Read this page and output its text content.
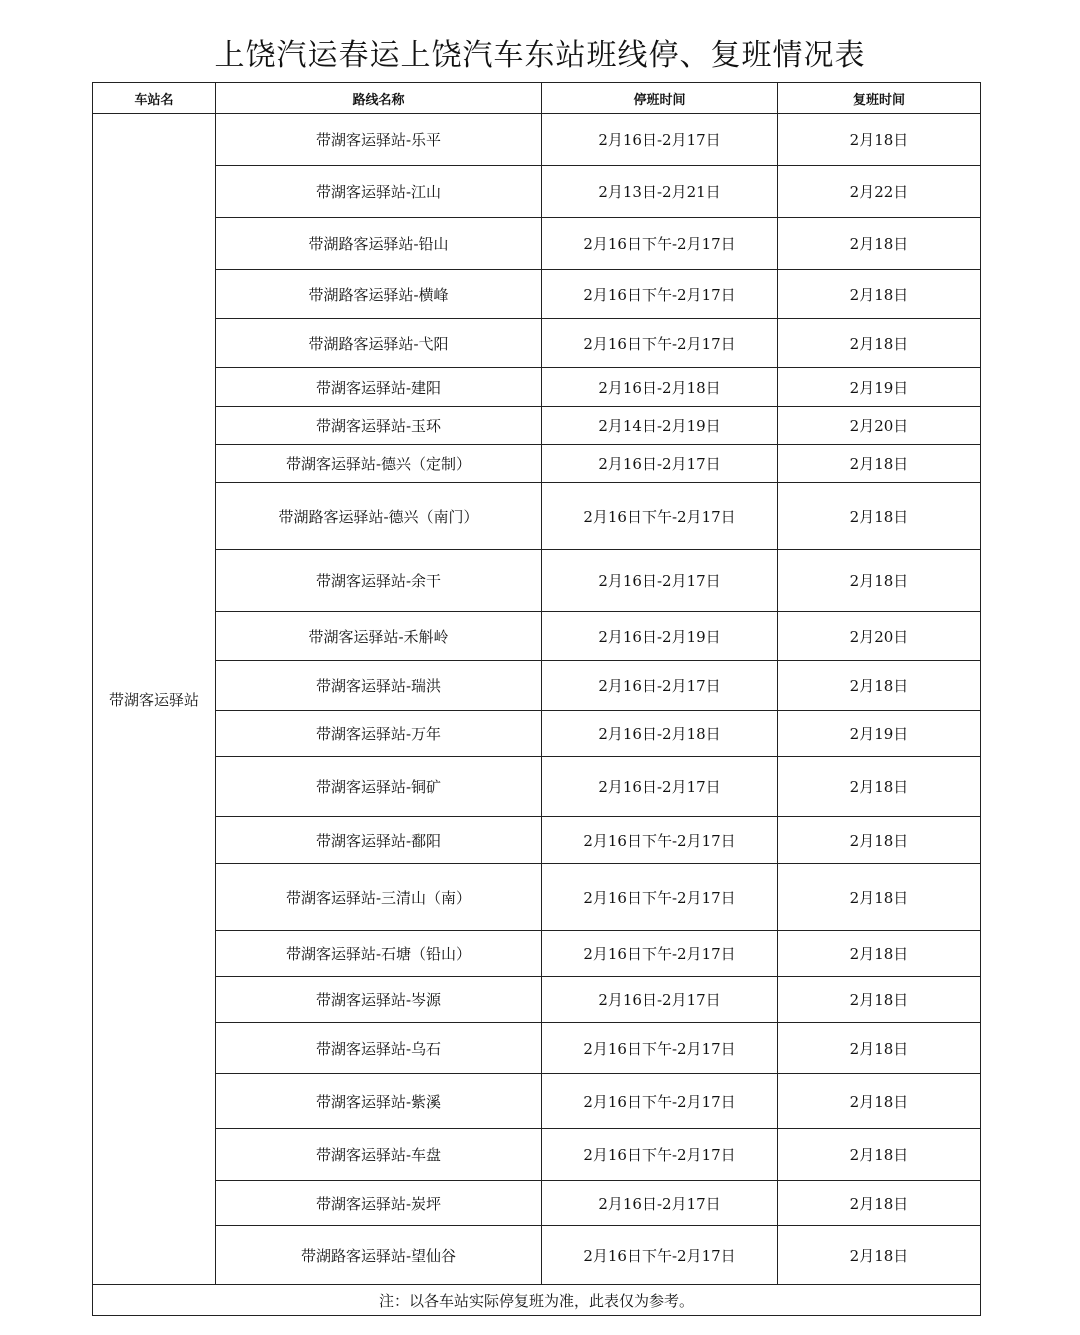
上饶汽运春运上饶汽车东站班线停、复班情况表
车站名	路线名称	停班时间	复班时间
带湖客运驿站	带湖客运驿站-乐平	2月16日-2月17日	2月18日
	带湖客运驿站-江山	2月13日-2月21日	2月22日
	带湖路客运驿站-铅山	2月16日下午-2月17日	2月18日
	带湖路客运驿站-横峰	2月16日下午-2月17日	2月18日
	带湖路客运驿站-弋阳	2月16日下午-2月17日	2月18日
	带湖客运驿站-建阳	2月16日-2月18日	2月19日
	带湖客运驿站-玉环	2月14日-2月19日	2月20日
	带湖客运驿站-德兴（定制）	2月16日-2月17日	2月18日
	带湖路客运驿站-德兴（南门）	2月16日下午-2月17日	2月18日
	带湖客运驿站-余干	2月16日-2月17日	2月18日
	带湖客运驿站-禾斛岭	2月16日-2月19日	2月20日
	带湖客运驿站-瑞洪	2月16日-2月17日	2月18日
	带湖客运驿站-万年	2月16日-2月18日	2月19日
	带湖客运驿站-铜矿	2月16日-2月17日	2月18日
	带湖客运驿站-鄱阳	2月16日下午-2月17日	2月18日
	带湖客运驿站-三清山（南）	2月16日下午-2月17日	2月18日
	带湖客运驿站-石塘（铅山）	2月16日下午-2月17日	2月18日
	带湖客运驿站-岑源	2月16日-2月17日	2月18日
	带湖客运驿站-乌石	2月16日下午-2月17日	2月18日
	带湖客运驿站-紫溪	2月16日下午-2月17日	2月18日
	带湖客运驿站-车盘	2月16日下午-2月17日	2月18日
	带湖客运驿站-炭坪	2月16日-2月17日	2月18日
	带湖路客运驿站-望仙谷	2月16日下午-2月17日	2月18日
注：以各车站实际停复班为准，此表仅为参考。			
